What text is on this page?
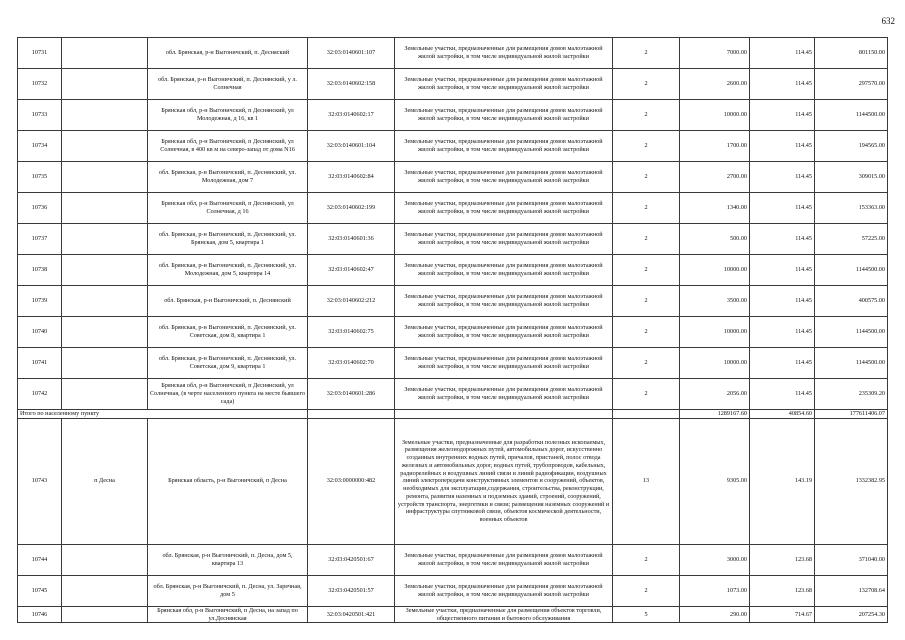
632
10731		обл. Брянская, р-н Выгоничский, п. Десняский	32:03:0140601:107	Земельные участки, предназначенные для размещения домов малоэтажной жилой застройки, в том числе индивидуальной жилой застройки	2	7000.00	114.45	801150.00
10732		обл. Брянская, р-н Выгоничский, п. Деснянский, у л. Солнечная	32:03:0140602:158	Земельные участки, предназначенные для размещения домов малоэтажной жилой застройки, в том числе индивидуальной жилой застройки	2	2600.00	114.45	297570.00
10733		Брянская обл, р-н Выгоничский, п Деснянский, ул Молодежная, д 16, кв 1	32:03:0140602:17	Земельные участки, предназначенные для размещения домов малоэтажной жилой застройки, в том числе индивидуальной жилой застройки	2	10000.00	114.45	1144500.00
10734		Брянская обл, р-н Выгоничский, п Деснянский, ул Солнечная, в 400 кв м на северо-запад от дома N16	32:03:0140601:104	Земельные участки, предназначенные для размещения домов малоэтажной жилой застройки, в том числе индивидуальной жилой застройки	2	1700.00	114.45	194565.00
10735		обл. Брянская, р-н Выгоничский, п. Деснянский, ул. Молодежная, дом 7	32:03:0140602:84	Земельные участки, предназначенные для размещения домов малоэтажной жилой застройки, в том числе индивидуальной жилой застройки	2	2700.00	114.45	309015.00
10736		Брянская обл, р-н Выгоничский, п Деснянский, ул Солнечная, д 16	32:03:0140602:199	Земельные участки, предназначенные для размещения домов малоэтажной жилой застройки, в том числе индивидуальной жилой застройки	2	1340.00	114.45	153363.00
10737		обл. Брянская, р-н Выгоничский, п. Деснянский, ул. Брянская, дом 5, квартира 1	32:03:0140601:36	Земельные участки, предназначенные для размещения домов малоэтажной жилой застройки, в том числе индивидуальной жилой застройки	2	500.00	114.45	57225.00
10738		обл. Брянская, р-н Выгоничский, п. Деснянский, ул. Молодежная, дом 5, квартира 14	32:03:0140602:47	Земельные участки, предназначенные для размещения домов малоэтажной жилой застройки, в том числе индивидуальной жилой застройки	2	10000.00	114.45	1144500.00
10739		обл. Брянская, р-н Выгоничский, п. Деснянский	32:03:0140602:212	Земельные участки, предназначенные для размещения домов малоэтажной жилой застройки, в том числе индивидуальной жилой застройки	2	3500.00	114.45	400575.00
10740		обл. Брянская, р-н Выгоничский, п. Деснянский, ул. Советская, дом 8, квартира 1	32:03:0140602:75	Земельные участки, предназначенные для размещения домов малоэтажной жилой застройки, в том числе индивидуальной жилой застройки	2	10000.00	114.45	1144500.00
10741		обл. Брянская, р-н Выгоничский, п. Деснянский, ул. Советская, дом 9, квартира 1	32:03:0140602:70	Земельные участки, предназначенные для размещения домов малоэтажной жилой застройки, в том числе индивидуальной жилой застройки	2	10000.00	114.45	1144500.00
10742		Брянская обл, р-н Выгоничский, п Деснянский, ул Солнечная, (в черте населенного пункта на месте бывшего сада)	32:03:0140601:286	Земельные участки, предназначенные для размещения домов малоэтажной жилой застройки, в том числе индивидуальной жилой застройки	2	2056.00	114.45	235309.20
Итого по населенному пункту						1289167.60	40854.60	177611406.07
10743	п Десна	Брянская область, р-н Выгоничский, п Десна	32:03:0000000:482	Земельные участки, предназначенные для разработки полезных ископаемых, размещения железнодорожных путей, автомобильных дорог, искусственно созданных внутренних водных путей, причалов, пристаней, полос отвода железных и автомобильных дорог, водных путей, трубопроводов, кабельных, радиорелейных и воздушных линий связи и линий радиофикации, воздушных линий электропередачи конструктивных элементов и сооружений, объектов, необходимых для эксплуатации,содержания, строительства, реконструкции, ремонта, развития наземных и подземных зданий, строений, сооружений, устройств транспорта, энергетики и связи; размещения наземных сооружений и инфраструктуры спутниковой связи, объектов космической деятельности, военных объектов	13	9305.00	143.19	1332382.95
10744		обл. Брянская, р-н Выгоничский, п. Десна, дом 5, квартира 13	32:03:0420501:67	Земельные участки, предназначенные для размещения домов малоэтажной жилой застройки, в том числе индивидуальной жилой застройки	2	3000.00	123.68	371040.00
10745		обл. Брянская, р-н Выгоничский, п. Десна, ул. Заречная, дом 5	32:03:0420501:57	Земельные участки, предназначенные для размещения домов малоэтажной жилой застройки, в том числе индивидуальной жилой застройки	2	1073.00	123.68	132708.64
10746		Брянская обл, р-н Выгоничский, п Десна, на запад по ул.Деснянская	32:03:0420501:421	Земельные участки, предназначенные для размещения объектов торговли, общественного питания и бытового обслуживания	5	290.00	714.67	207254.30
